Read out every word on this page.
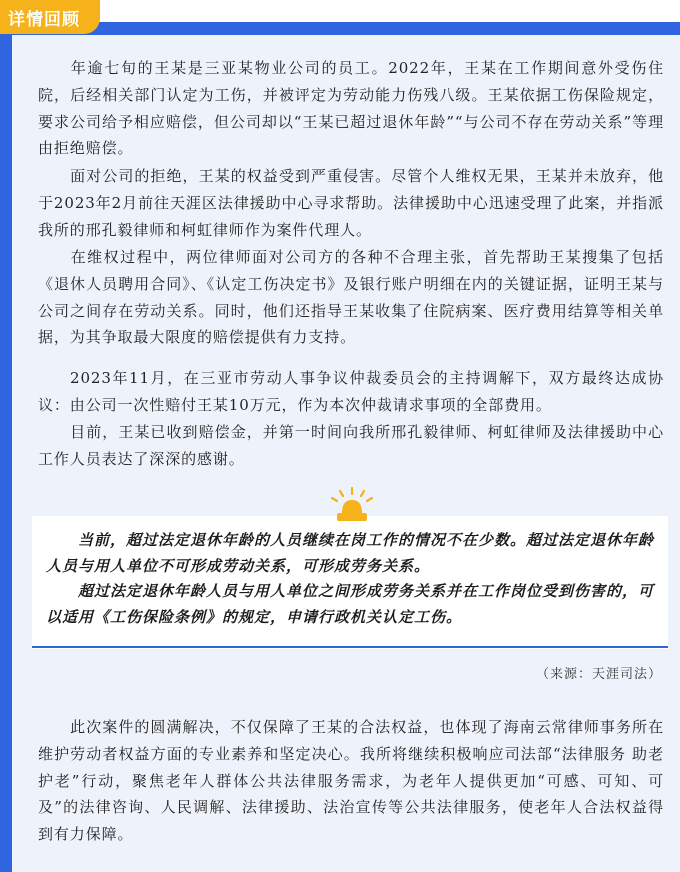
年逾七旬的王某是三亚某物业公司的员工。2022年，王某在工作期间意外受伤住院，后经相关部门认定为工伤，并被评定为劳动能力伤残八级。王某依据工伤保险规定，要求公司给予相应赔偿，但公司却以“王某已超过退休年龄”“与公司不存在劳动关系”等理由拒绝赔偿。

面对公司的拒绝，王某的权益受到严重侵害。尽管个人维权无果，王某并未放弃，他于2023年2月前往天涯区法律援助中心寻求帮助。法律援助中心迅速受理了此案，并指派我所的邢孔毅律师和柯虹律师作为案件代理人。

在维权过程中，两位律师面对公司方的各种不合理主张，首先帮助王某搜集了包括《退休人员聘用合同》、《认定工伤决定书》及银行账户明细在内的关键证据，证明王某与公司之间存在劳动关系。同时，他们还指导王某收集了住院病案、医疗费用结算等相关单据，为其争取最大限度的赔偿提供有力支持。

2023年11月，在三亚市劳动人事争议仲裁委员会的主持调解下，双方最终达成协议：由公司一次性赔付王某10万元，作为本次仲裁请求事项的全部费用。

目前，王某已收到赔偿金，并第一时间向我所邢孔毅律师、柯虹律师及法律援助中心工作人员表达了深深的感谢。

当前，超过法定退休年龄的人员继续在岗工作的情况不在少数。超过法定退休年龄人员与用人单位不可形成劳动关系，可形成劳务关系。
超过法定退休年龄人员与用人单位之间形成劳务关系并在工作岗位受到伤害的，可以适用《工伤保险条例》的规定，申请行政机关认定工伤。

（来源：天涯司法）

此次案件的圆满解决，不仅保障了王某的合法权益，也体现了海南云常律师事务所在维护劳动者权益方面的专业素养和坚定决心。我所将继续积极响应司法部“法律服务 助老护老”行动，聚焦老年人群体公共法律服务需求，为老年人提供更加“可感、可知、可及”的法律咨询、人民调解、法律援助、法治宣传等公共法律服务，使老年人合法权益得到有力保障。

详情回顾
